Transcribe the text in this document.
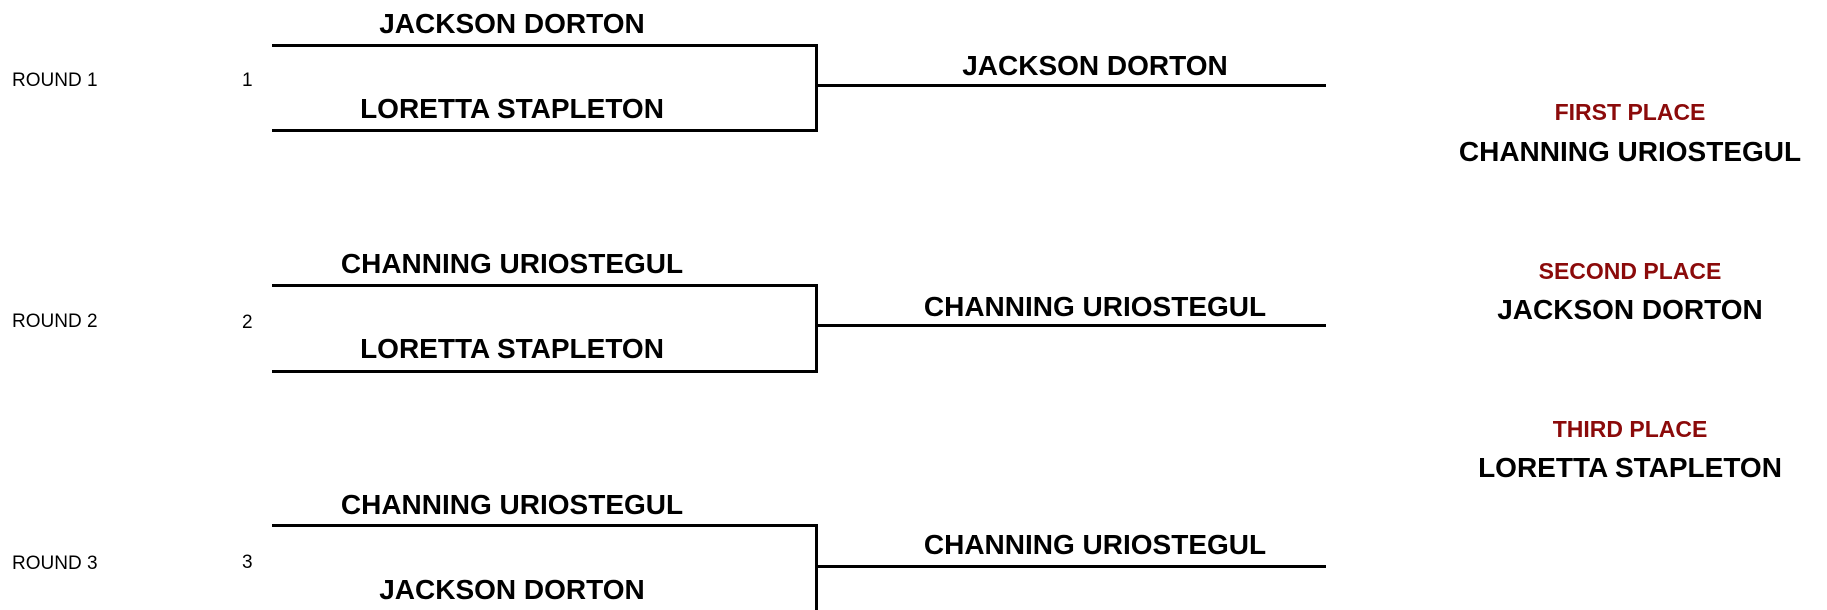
ROUND 1	1
JACKSON DORTON
LORETTA STAPLETON
JACKSON DORTON
ROUND 2	2
CHANNING URIOSTEGUL
LORETTA STAPLETON
CHANNING URIOSTEGUL
ROUND 3	3
CHANNING URIOSTEGUL
JACKSON DORTON
CHANNING URIOSTEGUL
FIRST PLACE
CHANNING URIOSTEGUL
SECOND PLACE
JACKSON DORTON
THIRD PLACE
LORETTA STAPLETON
